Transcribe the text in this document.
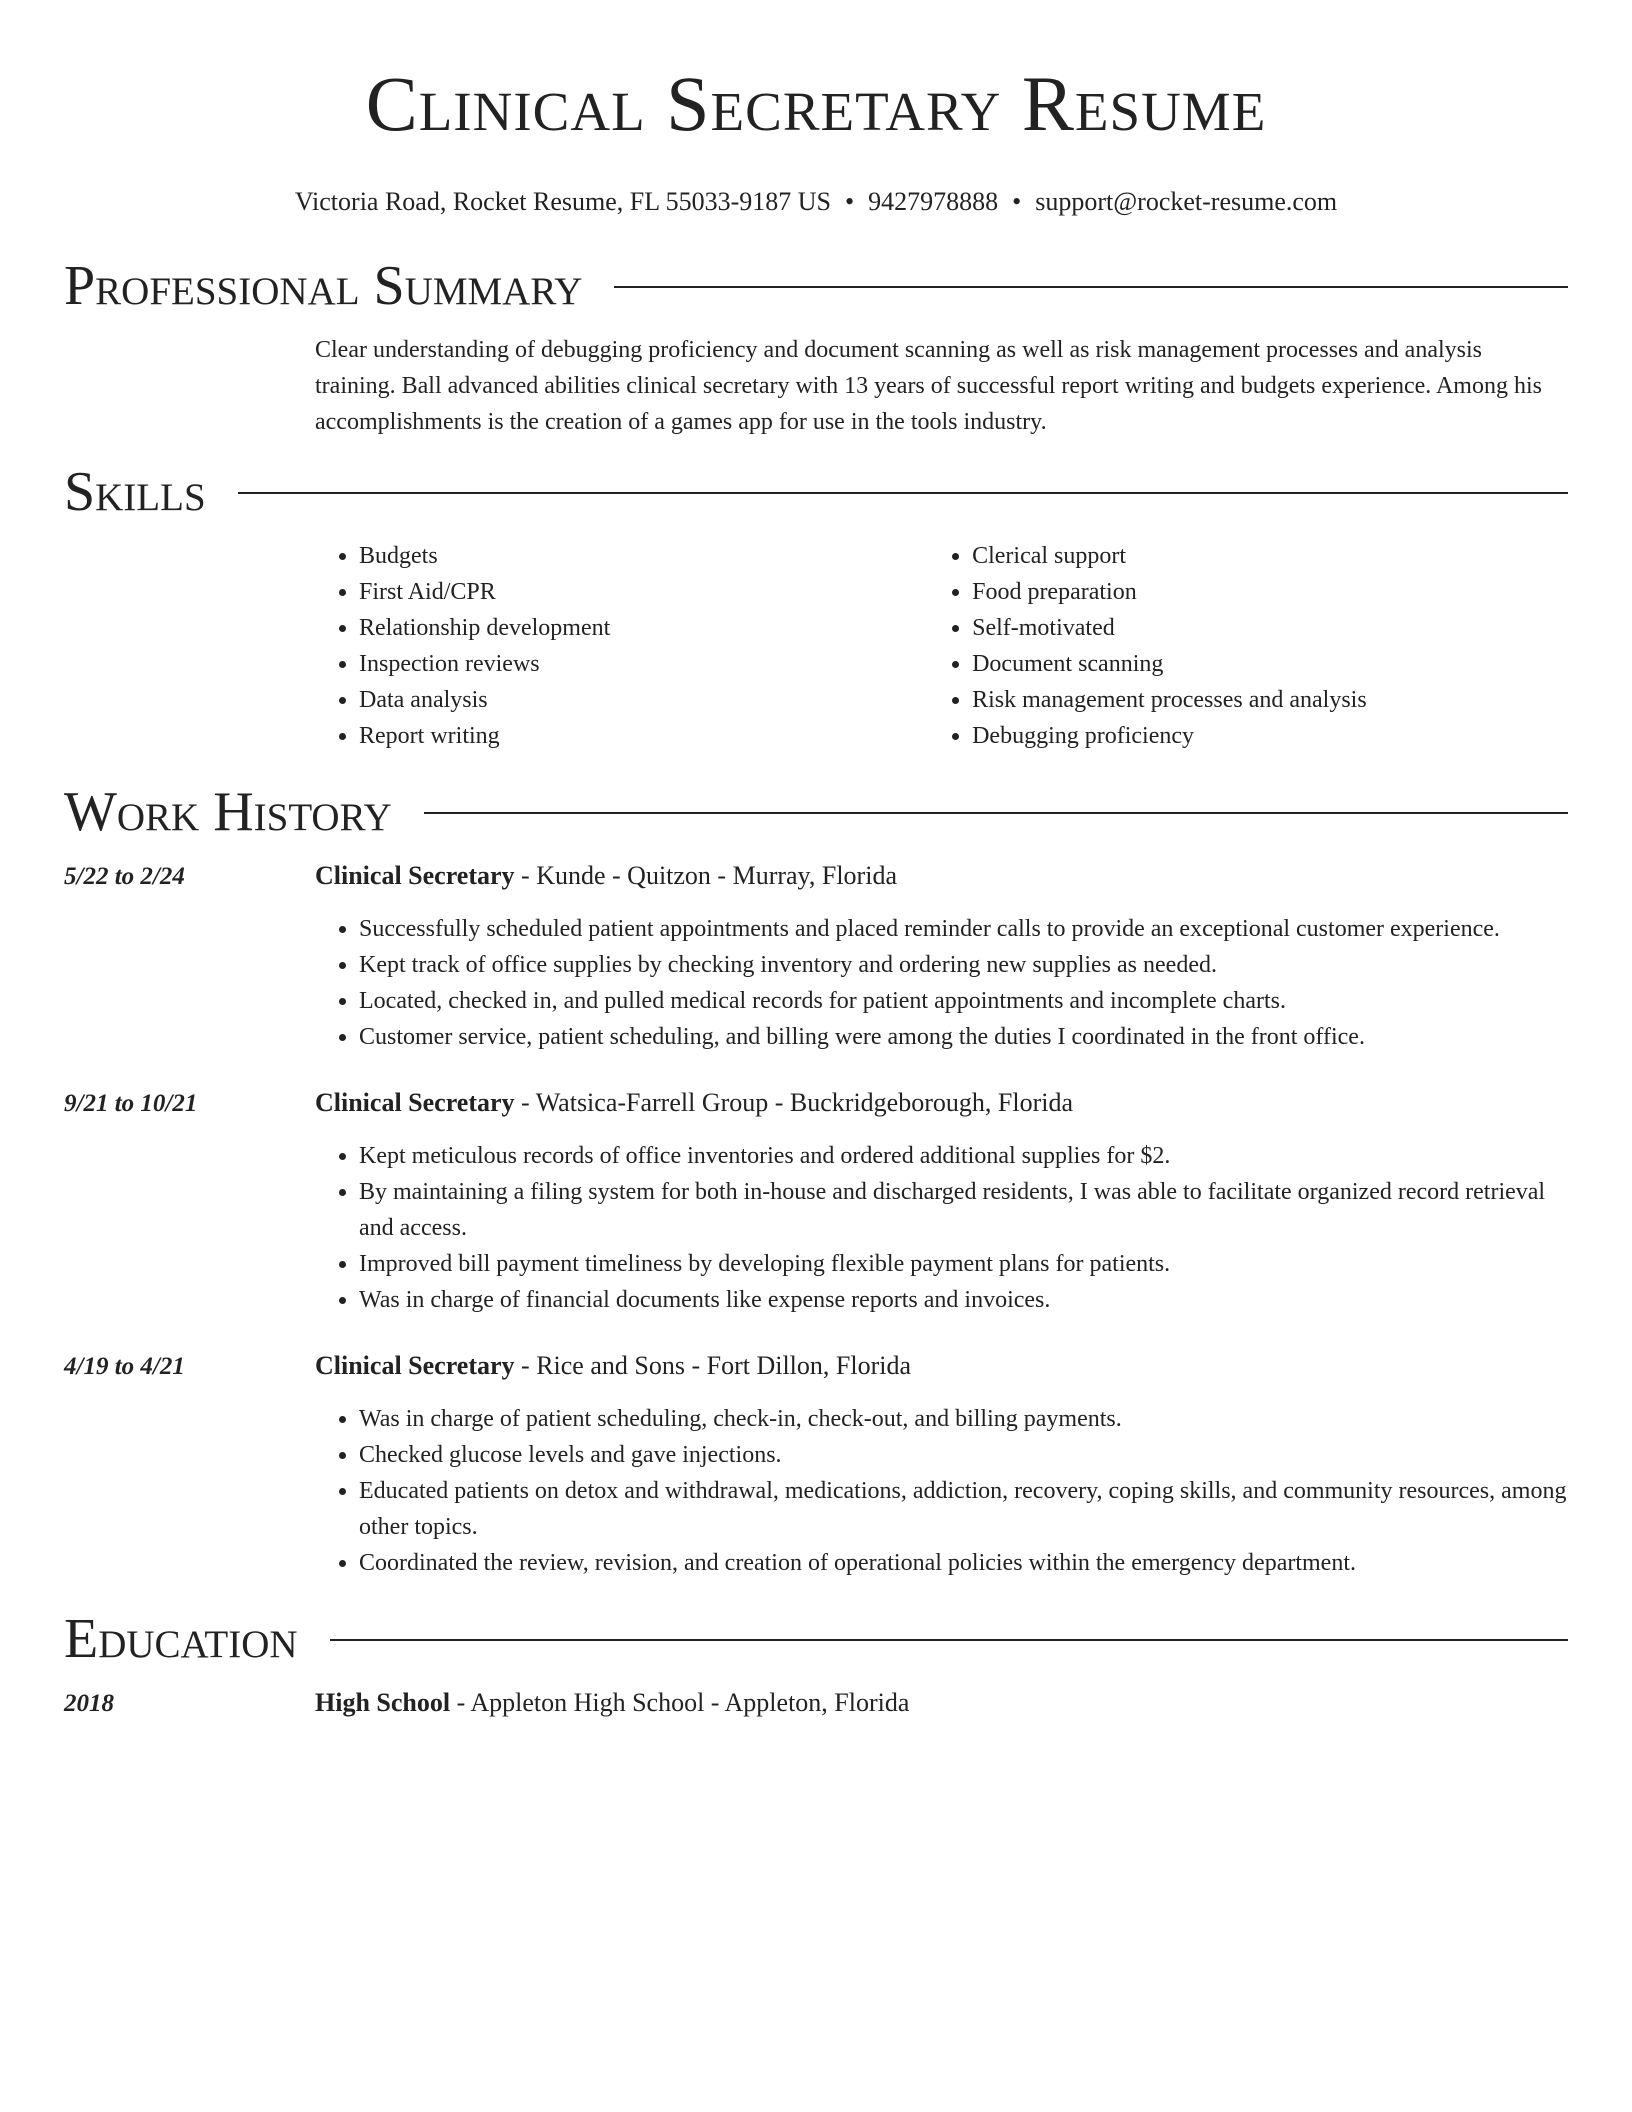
Clinical Secretary Resume
Victoria Road, Rocket Resume, FL 55033-9187 US • 9427978888 • support@rocket-resume.com
Professional Summary

Clear understanding of debugging proficiency and document scanning as well as risk management processes and analysis training. Ball advanced abilities clinical secretary with 13 years of successful report writing and budgets experience. Among his accomplishments is the creation of a games app for use in the tools industry.

Skills
• Budgets
• First Aid/CPR
• Relationship development
• Inspection reviews
• Data analysis
• Report writing
• Clerical support
• Food preparation
• Self-motivated
• Document scanning
• Risk management processes and analysis
• Debugging proficiency
Work History
5/22 to 2/24	Clinical Secretary - Kunde - Quitzon - Murray, Florida
• Successfully scheduled patient appointments and placed reminder calls to provide an exceptional customer experience.
• Kept track of office supplies by checking inventory and ordering new supplies as needed.
• Located, checked in, and pulled medical records for patient appointments and incomplete charts.
• Customer service, patient scheduling, and billing were among the duties I coordinated in the front office.
9/21 to 10/21	Clinical Secretary - Watsica-Farrell Group - Buckridgeborough, Florida
• Kept meticulous records of office inventories and ordered additional supplies for $2.
• By maintaining a filing system for both in-house and discharged residents, I was able to facilitate organized record retrieval and access.
• Improved bill payment timeliness by developing flexible payment plans for patients.
• Was in charge of financial documents like expense reports and invoices.
4/19 to 4/21	Clinical Secretary - Rice and Sons - Fort Dillon, Florida
• Was in charge of patient scheduling, check-in, check-out, and billing payments.
• Checked glucose levels and gave injections.
• Educated patients on detox and withdrawal, medications, addiction, recovery, coping skills, and community resources, among other topics.
• Coordinated the review, revision, and creation of operational policies within the emergency department.
Education
2018	High School - Appleton High School - Appleton, Florida
